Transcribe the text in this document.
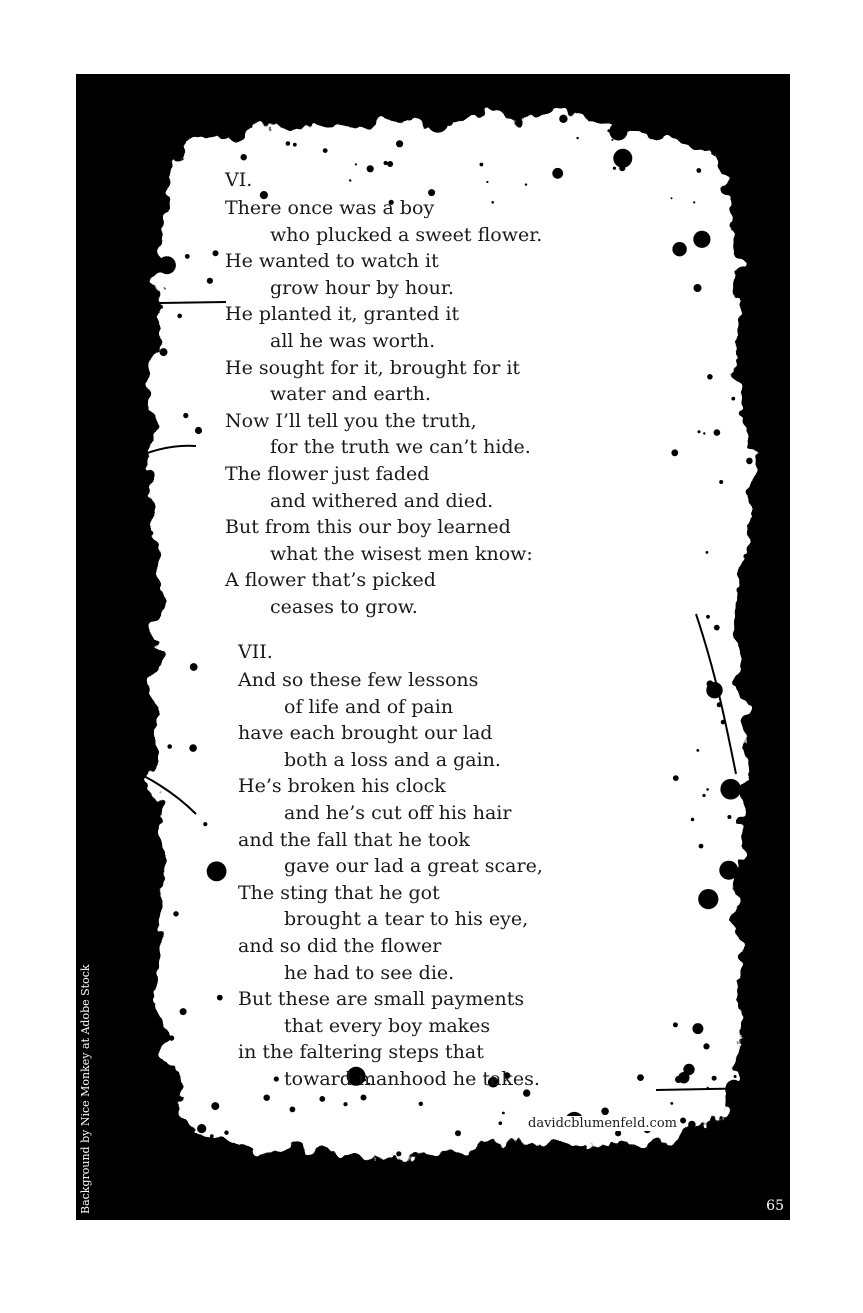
VI.
There once was a boy
who plucked a sweet flower.
He wanted to watch it
grow hour by hour.
He planted it, granted it
all he was worth.
He sought for it, brought for it
water and earth.
Now I’ll tell you the truth,
for the truth we can’t hide.
The flower just faded
and withered and died.
But from this our boy learned
what the wisest men know:
A flower that’s picked
ceases to grow.
VII.
And so these few lessons
of life and of pain
have each brought our lad
both a loss and a gain.
He’s broken his clock
and he’s cut off his hair
and the fall that he took
gave our lad a great scare,
The sting that he got
brought a tear to his eye,
and so did the flower
he had to see die.
But these are small payments
that every boy makes
in the faltering steps that
toward manhood he takes.
davidcblumenfeld.com
65
Background by Nice Monkey at Adobe Stock
